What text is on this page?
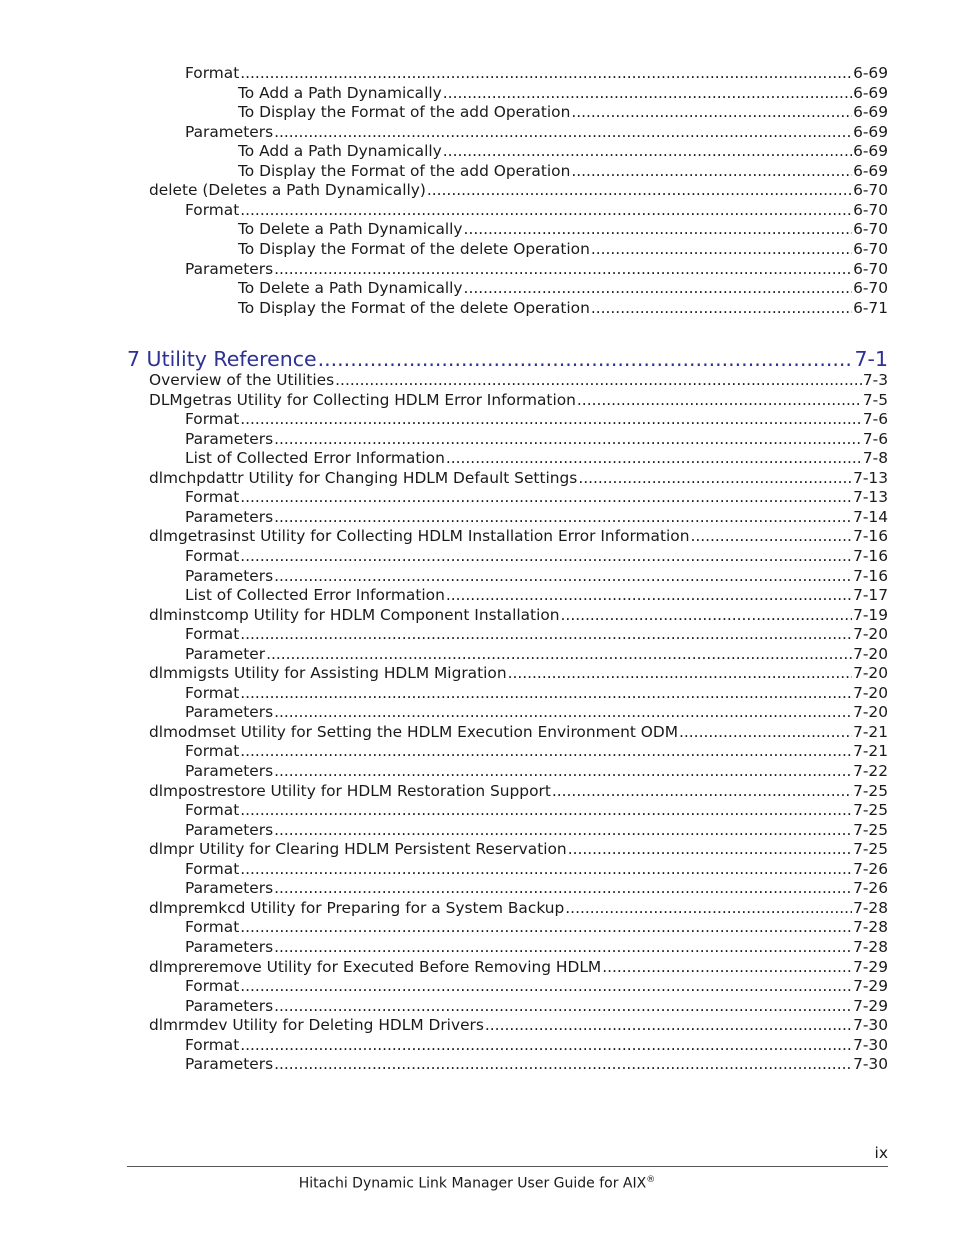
Format .....	6-69
To Add a Path Dynamically .....	6-69
To Display the Format of the add Operation .....	6-69
Parameters .....	6-69
To Add a Path Dynamically .....	6-69
To Display the Format of the add Operation .....	6-69
delete (Deletes a Path Dynamically) .....	6-70
Format .....	6-70
To Delete a Path Dynamically .....	6-70
To Display the Format of the delete Operation .....	6-70
Parameters .....	6-70
To Delete a Path Dynamically .....	6-70
To Display the Format of the delete Operation .....	6-71
7 Utility Reference .....	7-1
Overview of the Utilities .....	7-3
DLMgetras Utility for Collecting HDLM Error Information .....	7-5
Format .....	7-6
Parameters .....	7-6
List of Collected Error Information .....	7-8
dlmchpdattr Utility for Changing HDLM Default Settings .....	7-13
Format .....	7-13
Parameters .....	7-14
dlmgetrasinst Utility for Collecting HDLM Installation Error Information .....	7-16
Format .....	7-16
Parameters .....	7-16
List of Collected Error Information .....	7-17
dlminstcomp Utility for HDLM Component Installation .....	7-19
Format .....	7-20
Parameter .....	7-20
dlmmigsts Utility for Assisting HDLM Migration .....	7-20
Format .....	7-20
Parameters .....	7-20
dlmodmset Utility for Setting the HDLM Execution Environment ODM .....	7-21
Format .....	7-21
Parameters .....	7-22
dlmpostrestore Utility for HDLM Restoration Support .....	7-25
Format .....	7-25
Parameters .....	7-25
dlmpr Utility for Clearing HDLM Persistent Reservation .....	7-25
Format .....	7-26
Parameters .....	7-26
dlmpremkcd Utility for Preparing for a System Backup .....	7-28
Format .....	7-28
Parameters .....	7-28
dlmpreremove Utility for Executed Before Removing HDLM .....	7-29
Format .....	7-29
Parameters .....	7-29
dlmrmdev Utility for Deleting HDLM Drivers .....	7-30
Format .....	7-30
Parameters .....	7-30
ix
Hitachi Dynamic Link Manager User Guide for AIX®
